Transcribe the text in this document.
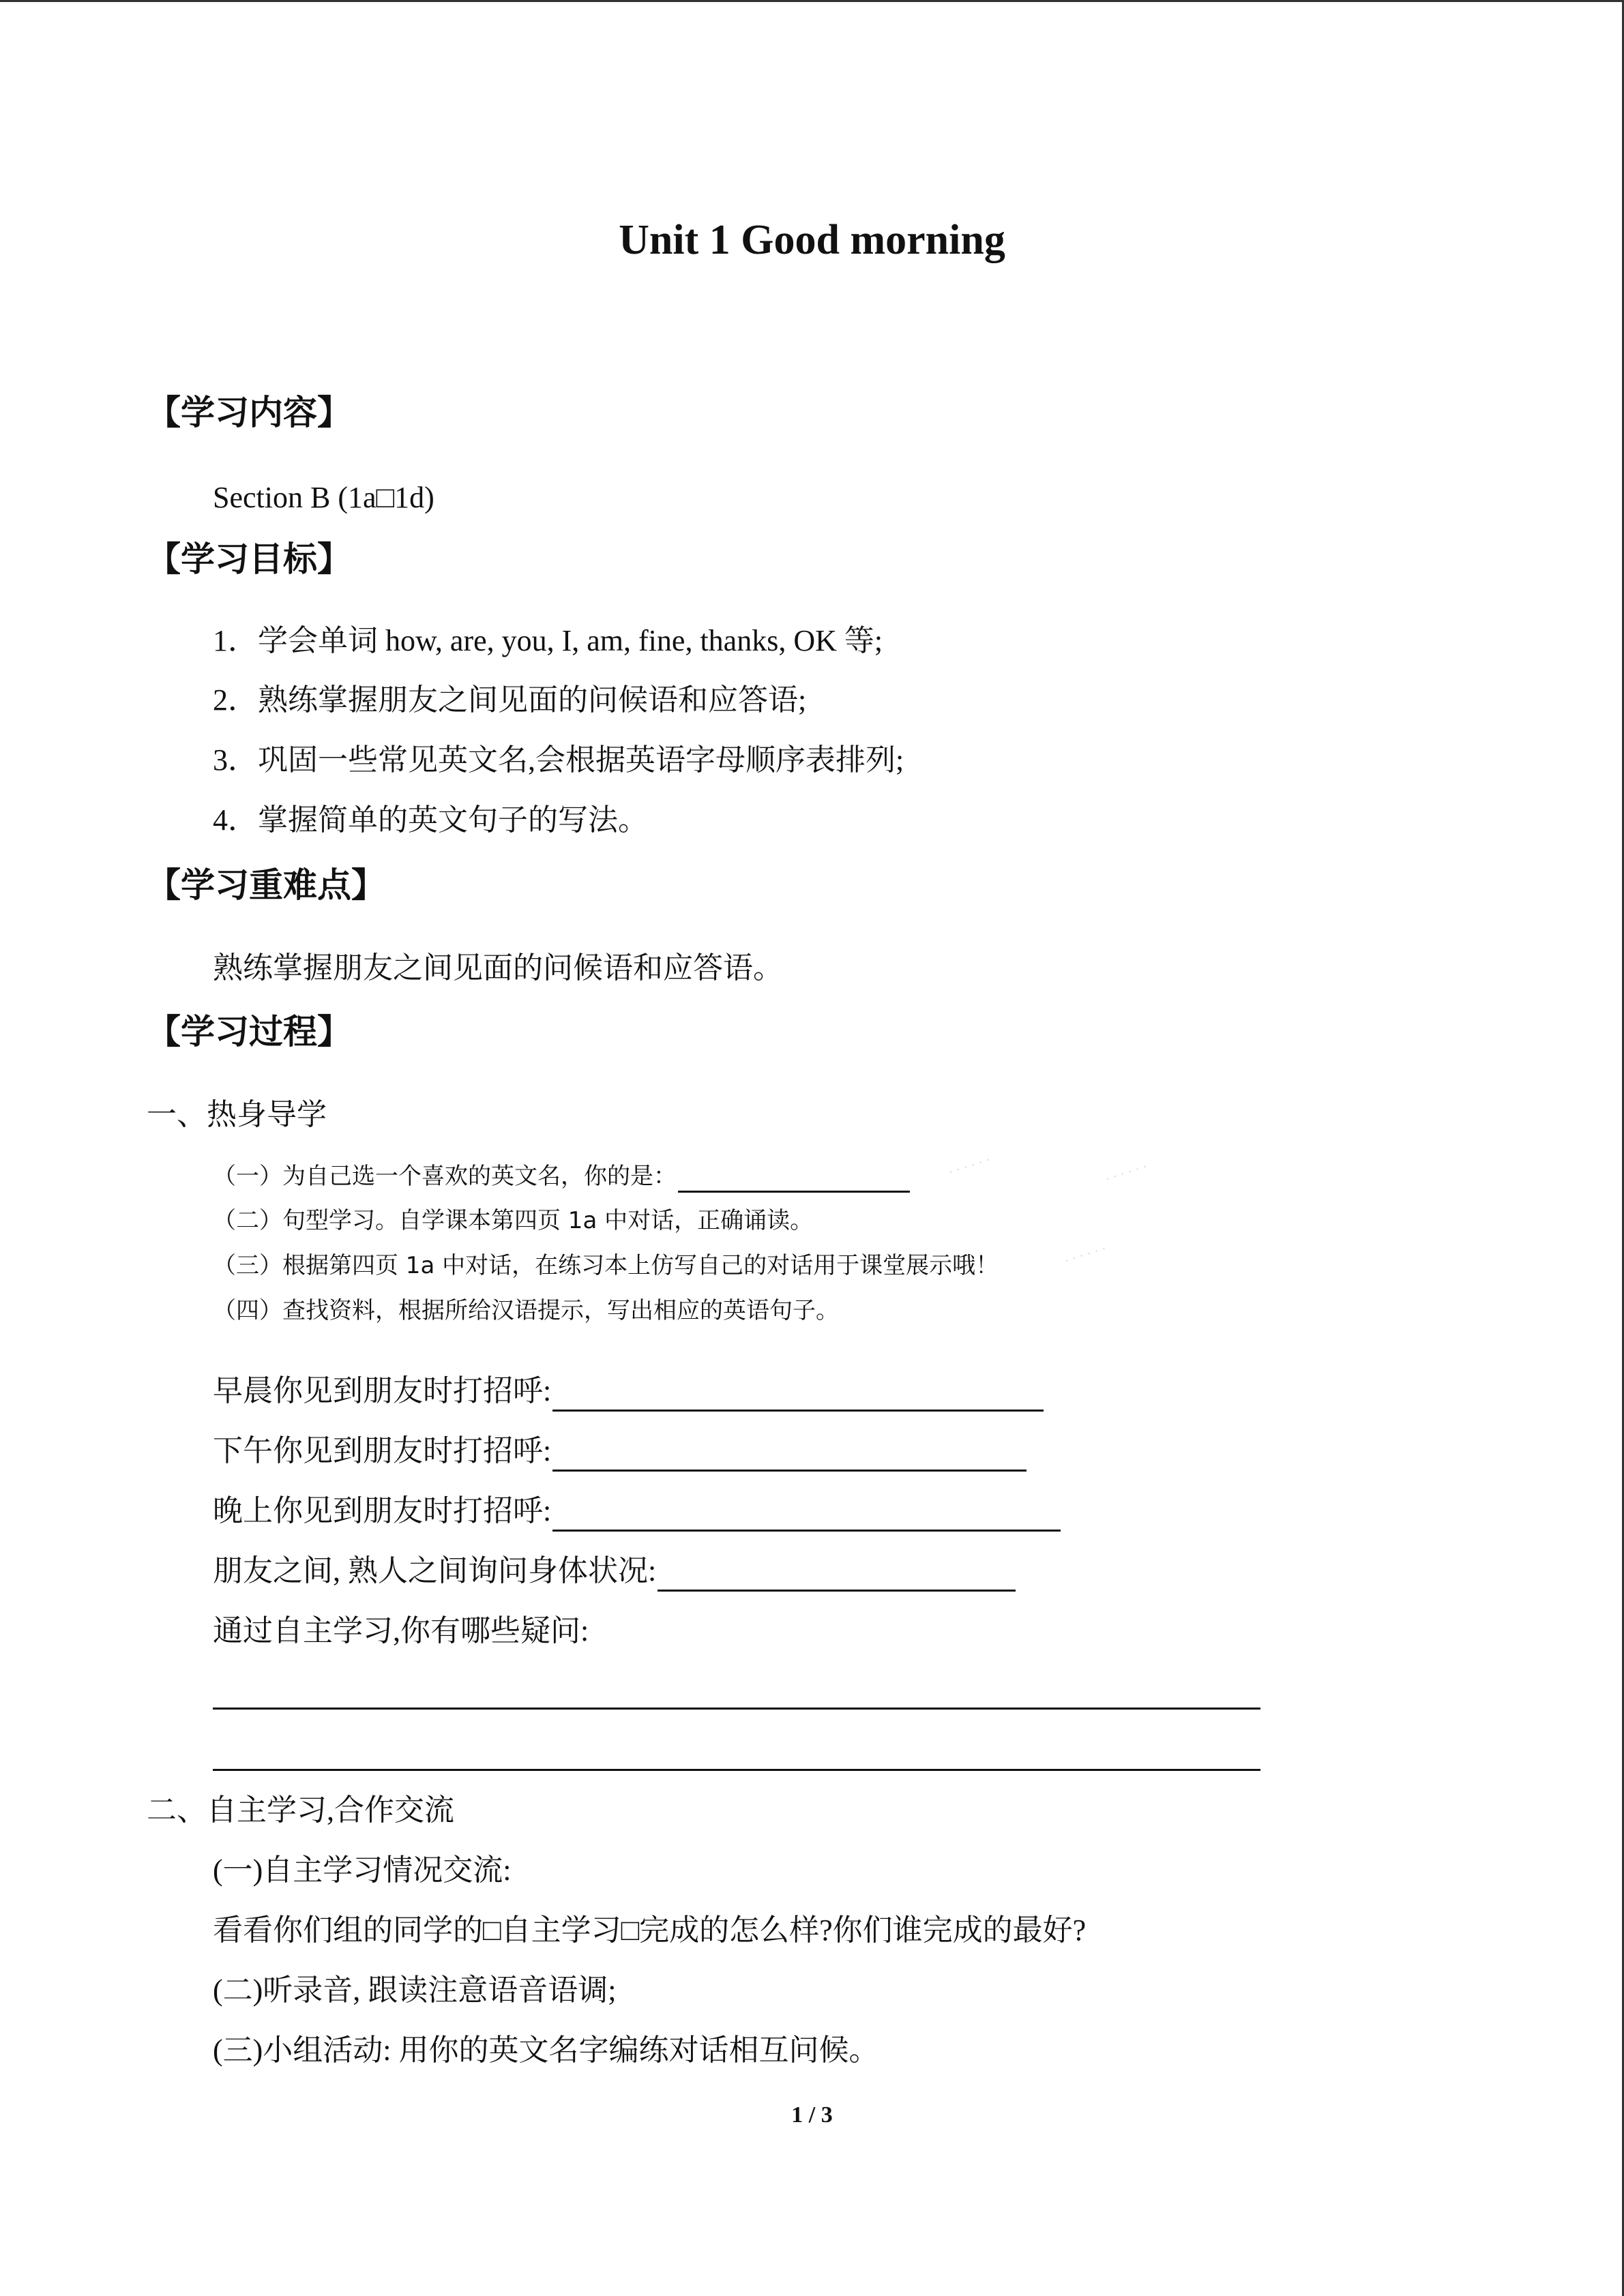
Unit 1 Good morning
【学习内容】
Section B (1a□1d)
【学习目标】
1．学会单词 how, are, you, I, am, fine, thanks, OK 等;
2．熟练掌握朋友之间见面的问候语和应答语;
3．巩固一些常见英文名,会根据英语字母顺序表排列;
4．掌握简单的英文句子的写法。
【学习重难点】
熟练掌握朋友之间见面的问候语和应答语。
【学习过程】
一、热身导学
（一）为自己选一个喜欢的英文名，你的是：
（二）句型学习。自学课本第四页 1a 中对话，正确诵读。
（三）根据第四页 1a 中对话，在练习本上仿写自己的对话用于课堂展示哦！
（四）查找资料，根据所给汉语提示，写出相应的英语句子。
· · · · · ·	· · · · · ·
· · · · · ·
早晨你见到朋友时打招呼:
下午你见到朋友时打招呼:
晚上你见到朋友时打招呼:
朋友之间, 熟人之间询问身体状况:
通过自主学习,你有哪些疑问:
二、自主学习,合作交流
(一)自主学习情况交流:
看看你们组的同学的□自主学习□完成的怎么样?你们谁完成的最好?
(二)听录音, 跟读注意语音语调;
(三)小组活动: 用你的英文名字编练对话相互问候。
1 / 3
